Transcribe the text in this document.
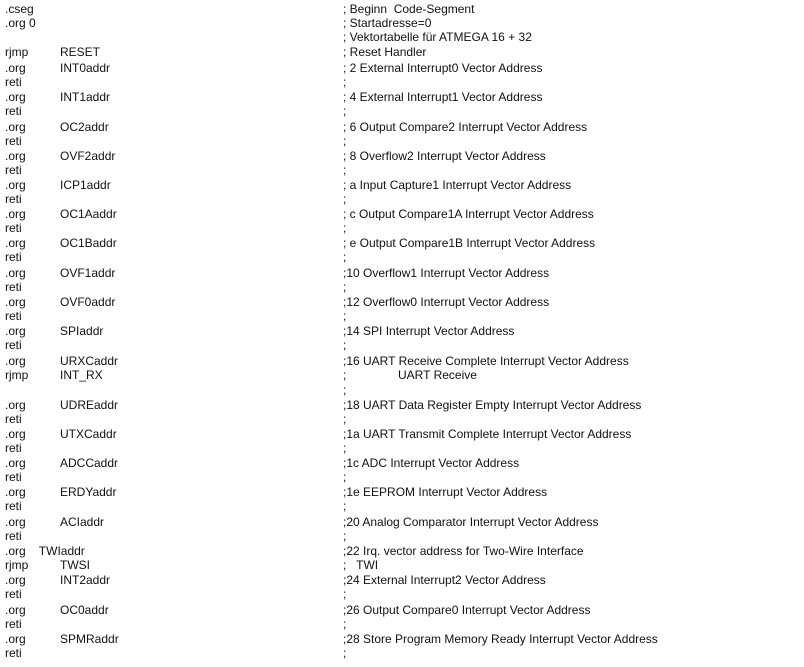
.cseg	; Beginn  Code-Segment
.org 0	; Startadresse=0
; Vektortabelle für ATMEGA 16 + 32
rjmp	RESET	; Reset Handler
.org	INT0addr	; 2 External Interrupt0 Vector Address
reti	;
.org	INT1addr	; 4 External Interrupt1 Vector Address
reti	;
.org	OC2addr	; 6 Output Compare2 Interrupt Vector Address
reti	;
.org	OVF2addr	; 8 Overflow2 Interrupt Vector Address
reti	;
.org	ICP1addr	; a Input Capture1 Interrupt Vector Address
reti	;
.org	OC1Aaddr	; c Output Compare1A Interrupt Vector Address
reti	;
.org	OC1Baddr	; e Output Compare1B Interrupt Vector Address
reti	;
.org	OVF1addr	;10 Overflow1 Interrupt Vector Address
reti	;
.org	OVF0addr	;12 Overflow0 Interrupt Vector Address
reti	;
.org	SPIaddr	;14 SPI Interrupt Vector Address
reti	;
.org	URXCaddr	;16 UART Receive Complete Interrupt Vector Address
rjmp	INT_RX	;	UART Receive
;
.org	UDREaddr	;18 UART Data Register Empty Interrupt Vector Address
reti	;
.org	UTXCaddr	;1a UART Transmit Complete Interrupt Vector Address
reti	;
.org	ADCCaddr	;1c ADC Interrupt Vector Address
reti	;
.org	ERDYaddr	;1e EEPROM Interrupt Vector Address
reti	;
.org	ACIaddr	;20 Analog Comparator Interrupt Vector Address
reti	;
.org    TWIaddr	;22 Irq. vector address for Two-Wire Interface
rjmp	TWSI	;   TWI
.org	INT2addr	;24 External Interrupt2 Vector Address
reti	;
.org	OC0addr	;26 Output Compare0 Interrupt Vector Address
reti	;
.org	SPMRaddr	;28 Store Program Memory Ready Interrupt Vector Address
reti	;
